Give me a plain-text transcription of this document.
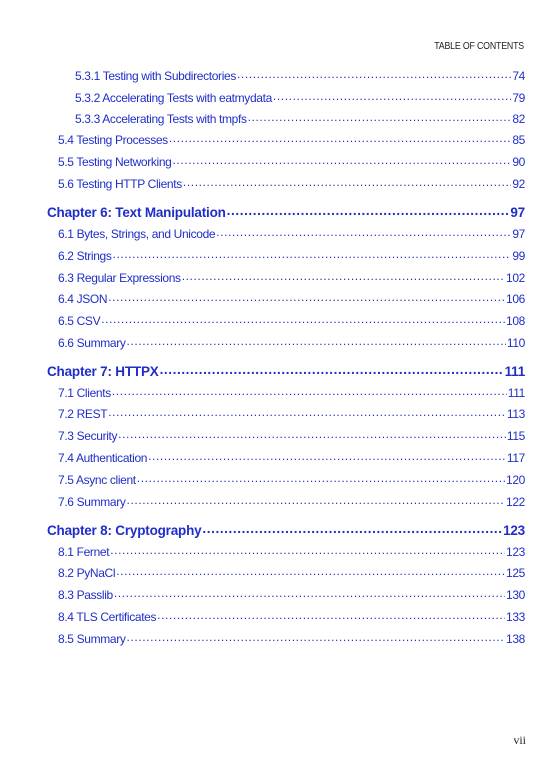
TABLE OF CONTENTS
5.3.1 Testing with Subdirectories .....	74
5.3.2 Accelerating Tests with eatmydata .....	79
5.3.3 Accelerating Tests with tmpfs .....	82
5.4 Testing Processes .....	85
5.5 Testing Networking .....	90
5.6 Testing HTTP Clients .....	92
Chapter 6: Text Manipulation .....	97
6.1 Bytes, Strings, and Unicode .....	97
6.2 Strings .....	99
6.3 Regular Expressions .....	102
6.4 JSON .....	106
6.5 CSV .....	108
6.6 Summary .....	110
Chapter 7: HTTPX .....	111
7.1 Clients .....	111
7.2 REST .....	113
7.3 Security .....	115
7.4 Authentication .....	117
7.5 Async client .....	120
7.6 Summary .....	122
Chapter 8: Cryptography .....	123
8.1 Fernet .....	123
8.2 PyNaCl .....	125
8.3 Passlib .....	130
8.4 TLS Certificates .....	133
8.5 Summary .....	138
vii
